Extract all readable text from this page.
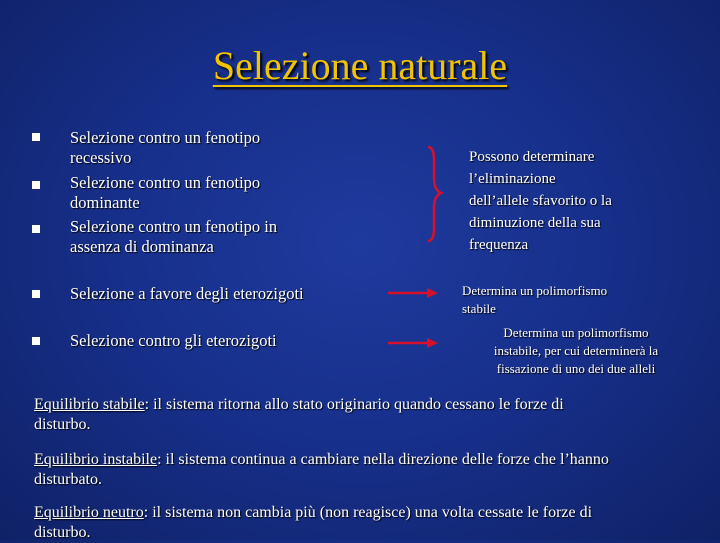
Selezione naturale
Selezione contro un fenotipo
recessivo
Selezione contro un fenotipo
dominante
Selezione contro un fenotipo in
assenza di dominanza
Selezione a favore degli eterozigoti
Selezione contro gli eterozigoti
Possono determinare
l’eliminazione
dell’allele sfavorito o la
diminuzione della sua
frequenza
Determina un polimorfismo
stabile
Determina un polimorfismo
instabile, per cui determinerà la
fissazione di uno dei due alleli
Equilibrio stabile: il sistema ritorna allo stato originario quando cessano le forze di
disturbo.
Equilibrio instabile: il sistema continua a cambiare nella direzione delle forze che l’hanno
disturbato.
Equilibrio neutro: il sistema non cambia più (non reagisce) una volta cessate le forze di
disturbo.
